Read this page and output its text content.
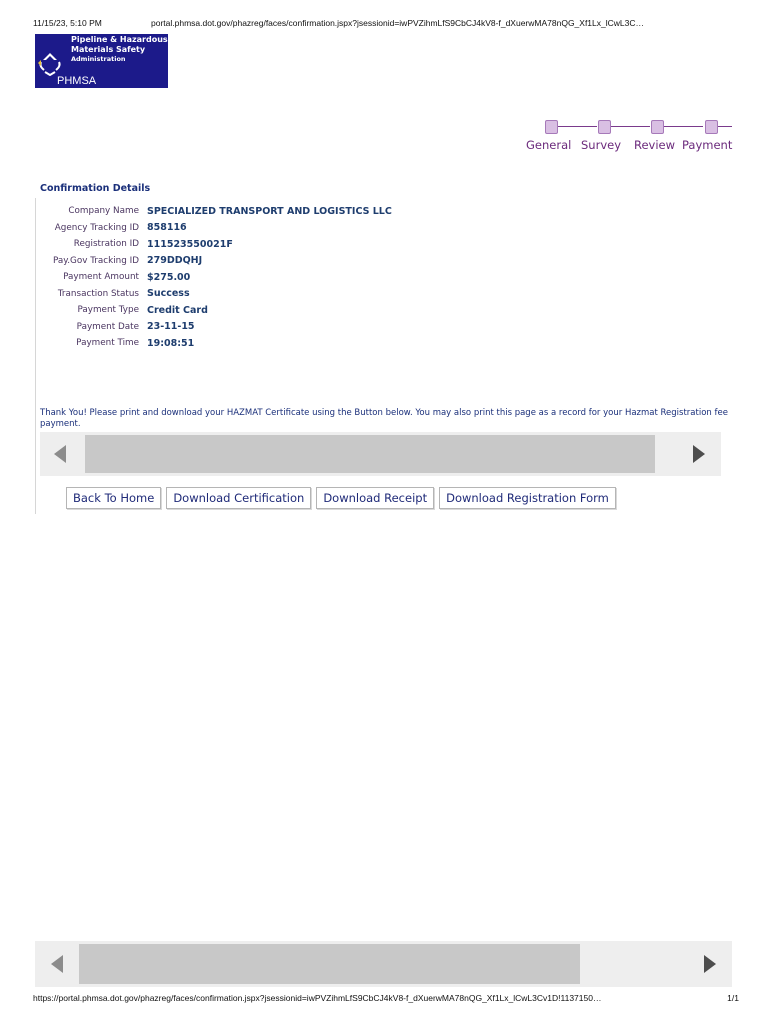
11/15/23, 5:10 PM	portal.phmsa.dot.gov/phazreg/faces/confirmation.jspx?jsessionid=iwPVZihmLfS9CbCJ4kV8-f_dXuerwMA78nQG_Xf1Lx_lCwL3C…
Pipeline & Hazardous
Materials Safety
Administration
PHMSA
General Survey Review Payment
Confirmation Details
Company Name SPECIALIZED TRANSPORT AND LOGISTICS LLC
Agency Tracking ID 858116
Registration ID 111523550021F
Pay.Gov Tracking ID 279DDQHJ
Payment Amount $275.00
Transaction Status Success
Payment Type Credit Card
Payment Date 23-11-15
Payment Time 19:08:51
Thank You! Please print and download your HAZMAT Certificate using the Button below. You may also print this page as a record for your Hazmat Registration fee payment.
Back To Home	Download Certification	Download Receipt	Download Registration Form
https://portal.phmsa.dot.gov/phazreg/faces/confirmation.jspx?jsessionid=iwPVZihmLfS9CbCJ4kV8-f_dXuerwMA78nQG_Xf1Lx_lCwL3Cv1D!1137150…	1/1
